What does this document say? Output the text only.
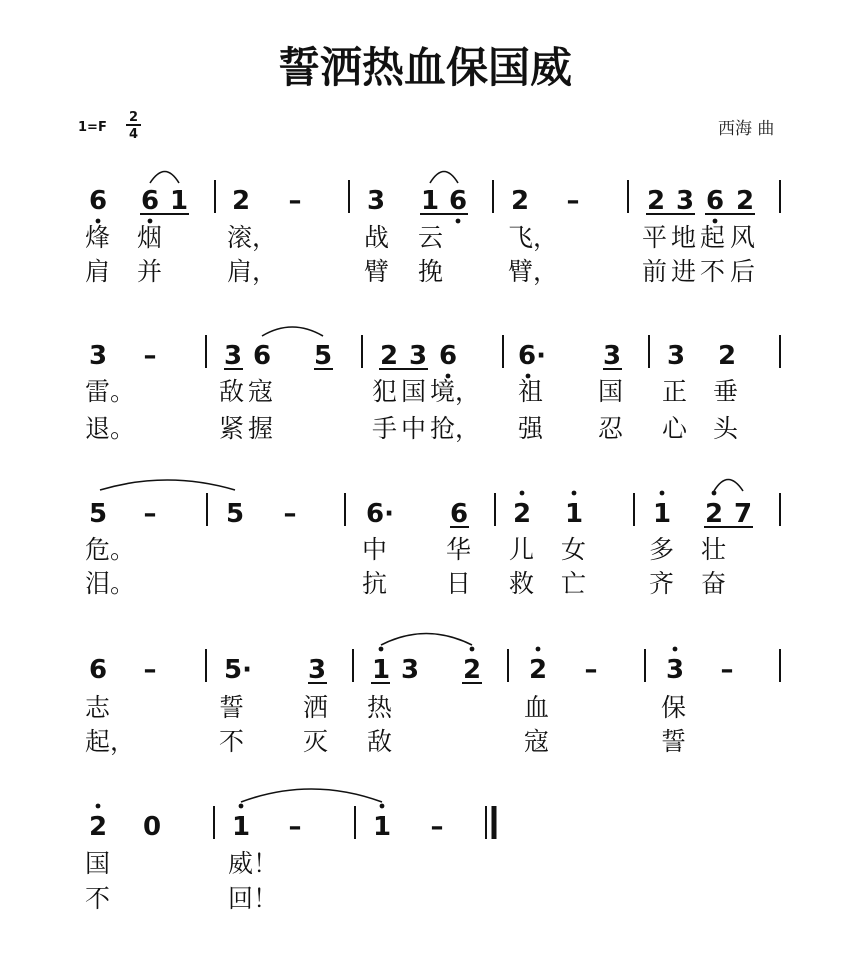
誓洒热血保国威
1=F
2
4	西海 曲
6 6 1 2 –	3 1 6 2 –	2 3 6 2
烽 烟	滚，	战 云	飞，	平 地 起 风
肩 并	肩，	臂 挽	臂，	前 进 不 后
3 –	3 6 5 2 3 6 6· 3 3 2
雷。	敌 寇	犯 国 境， 祖 国 正 垂
退。	紧 握	手 中 抢， 强 忍 心 头
5 –	5 –	6· 6 2 1	1 2 7
危。	中 华 儿 女	多 壮
泪。	抗 日 救 亡	齐 奋
6 –	5· 3 1 3 2 2 –	3 –
志	誓 洒 热	血	保
起，	不 灭 敌	寇	誓
2 0	1 –	1 –
国	威！
不	回！
